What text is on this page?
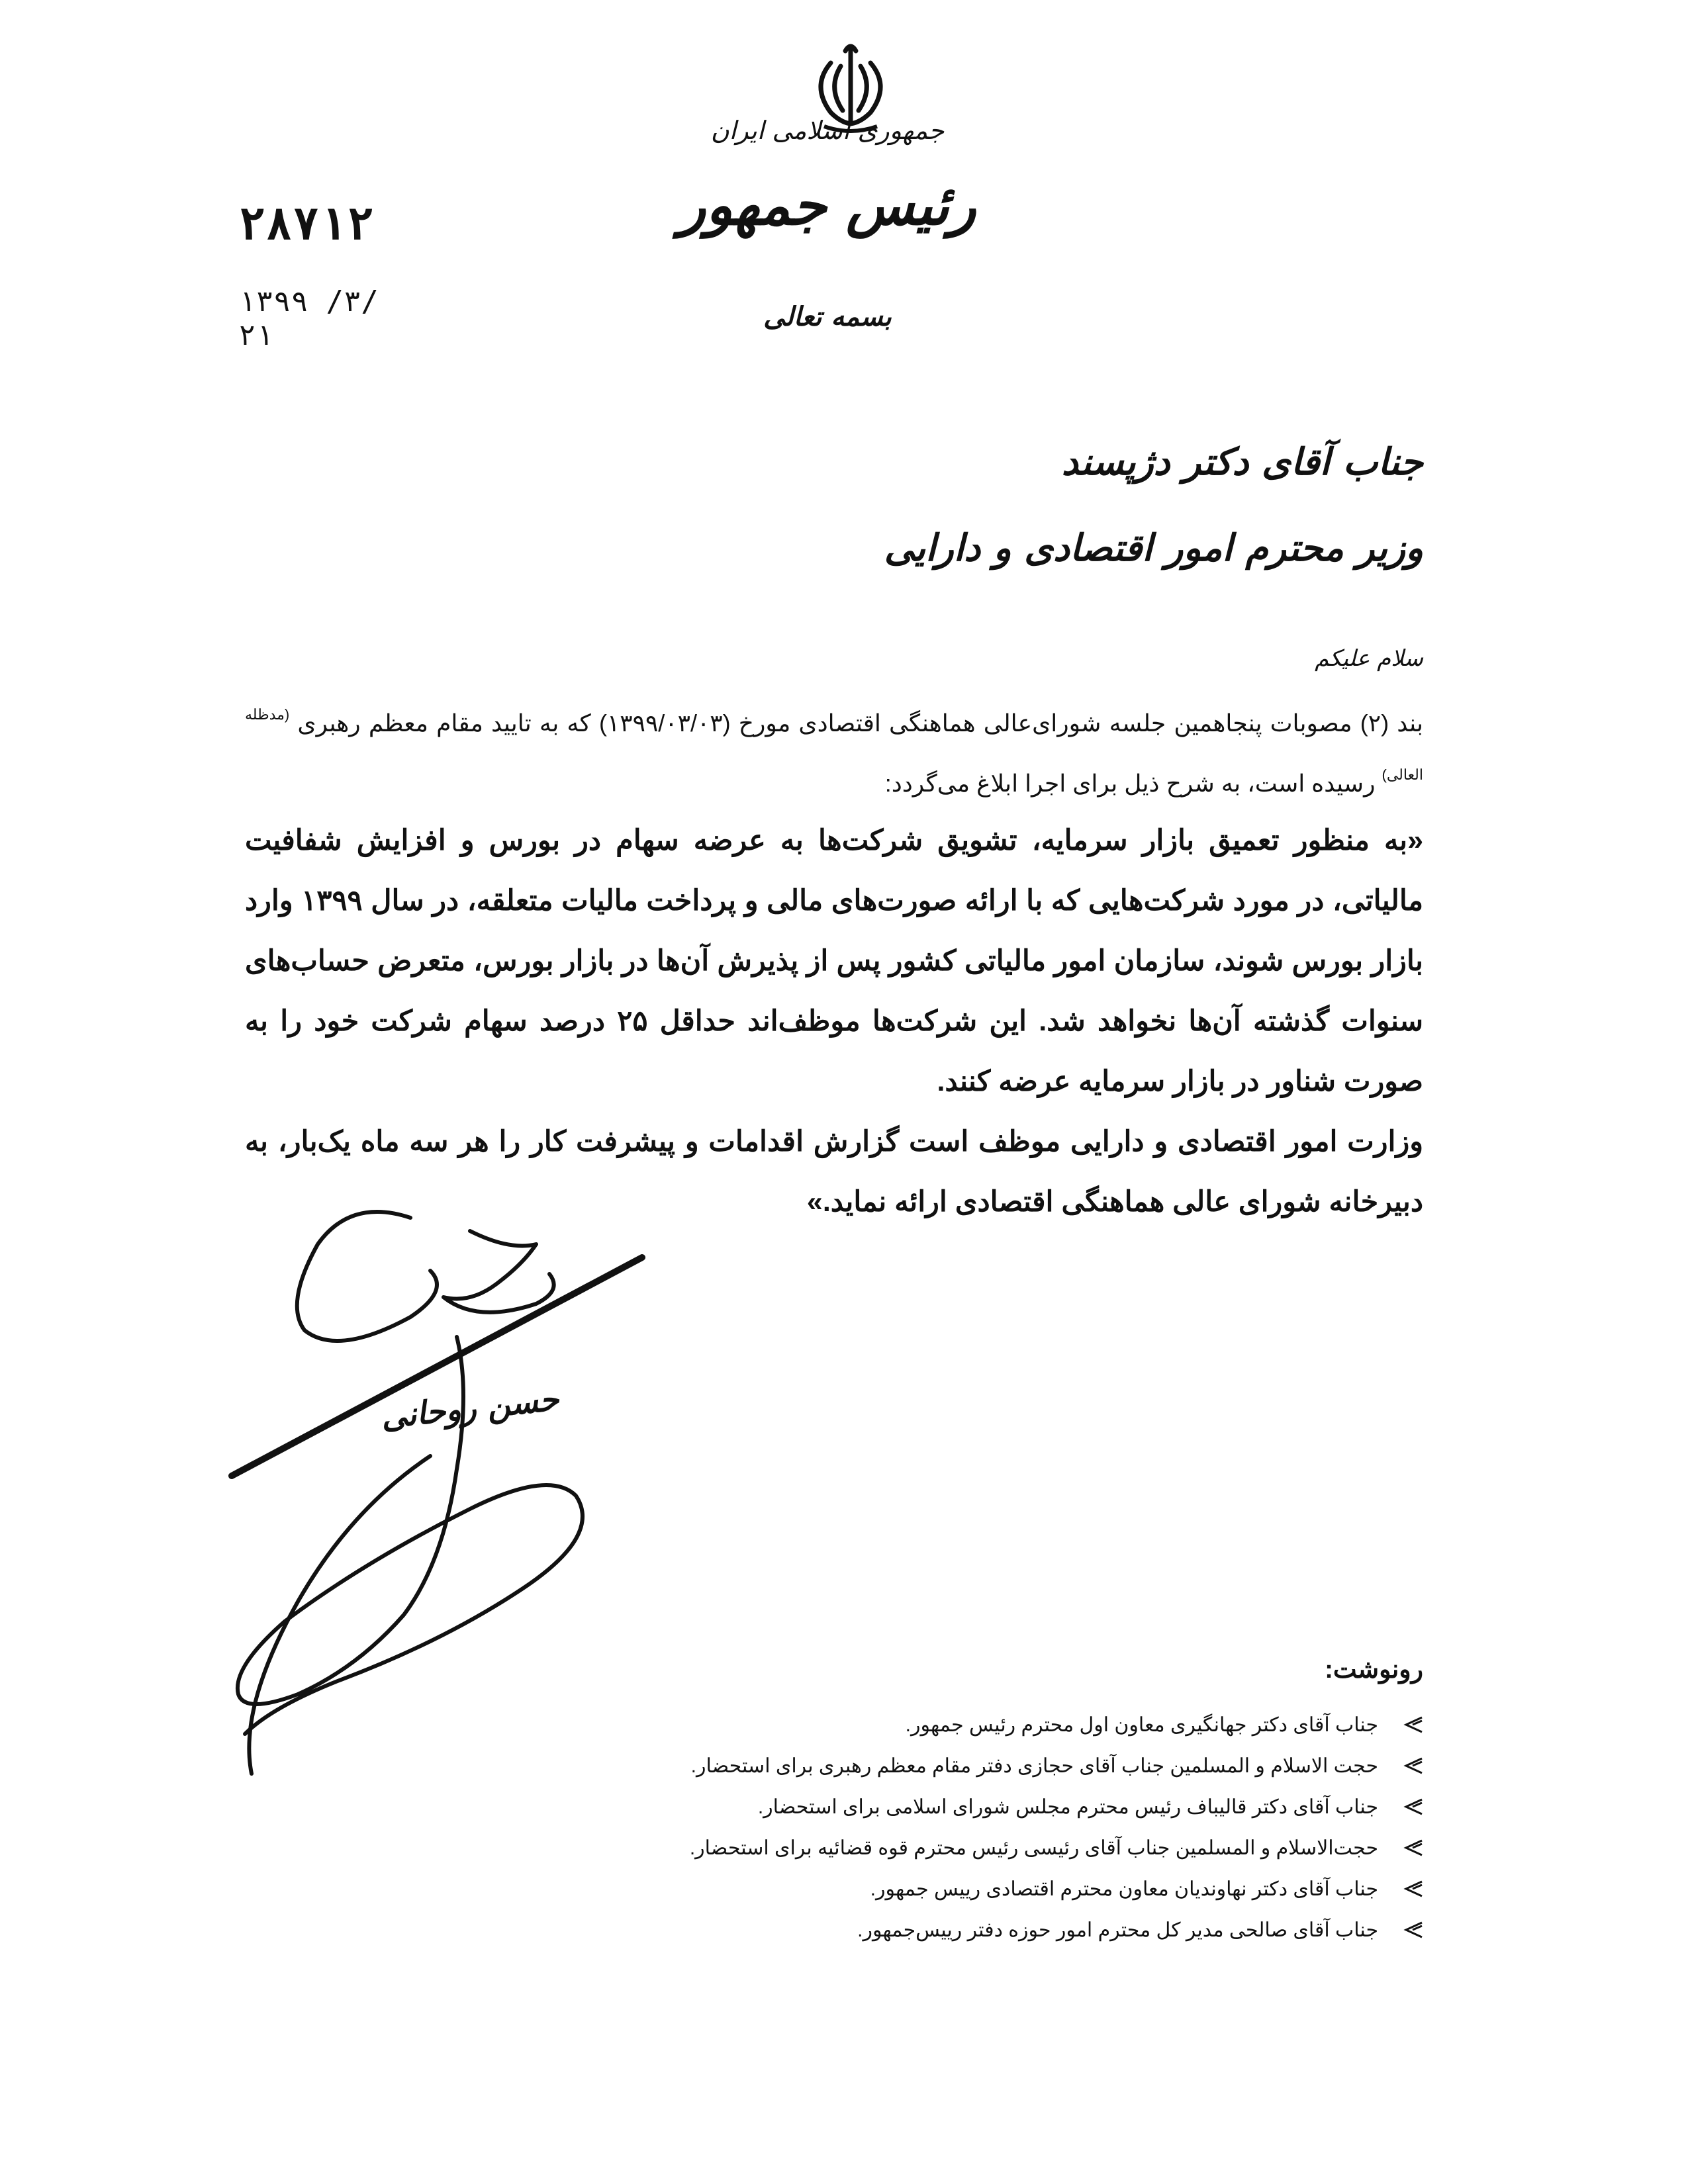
جمهوری اسلامی ایران
رئیس جمهور
بسمه تعالی
۲۸۷۱۲
۱۳۹۹ /۳/ ۲۱
جناب آقای دکتر دژپسند
وزیر محترم امور اقتصادی و دارایی
سلام علیکم
بند (۲) مصوبات پنجاهمین جلسه شورای‌عالی هماهنگی اقتصادی مورخ (۱۳۹۹/۰۳/۰۳) که به تایید مقام معظم رهبری $^{(مدظله العالی)}$ رسیده است، به شرح ذیل برای اجرا ابلاغ می‌گردد:
«به منظور تعمیق بازار سرمایه، تشویق شرکت‌ها به عرضه سهام در بورس و افزایش شفافیت مالیاتی، در مورد شرکت‌هایی که با ارائه صورت‌های مالی و پرداخت مالیات متعلقه، در سال ۱۳۹۹ وارد بازار بورس شوند، سازمان امور مالیاتی کشور پس از پذیرش آن‌ها در بازار بورس، متعرض حساب‌های سنوات گذشته آن‌ها نخواهد شد. این شرکت‌ها موظف‌اند حداقل ۲۵ درصد سهام شرکت خود را به صورت شناور در بازار سرمایه عرضه کنند.
وزارت امور اقتصادی و دارایی موظف است گزارش اقدامات و پیشرفت کار را هر سه ماه یک‌بار، به دبیرخانه شورای عالی هماهنگی اقتصادی ارائه نماید.»
حسن روحانی
رونوشت:
جناب آقای دکتر جهانگیری معاون اول محترم رئیس جمهور.
حجت الاسلام و المسلمین جناب آقای حجازی دفتر مقام معظم رهبری برای استحضار.
جناب آقای دکتر قالیباف رئیس محترم مجلس شورای اسلامی برای استحضار.
حجت‌الاسلام و المسلمین جناب آقای رئیسی رئیس محترم قوه قضائیه برای استحضار.
جناب آقای دکتر نهاوندیان معاون محترم اقتصادی رییس جمهور.
جناب آقای صالحی مدیر کل محترم امور حوزه دفتر رییس‌جمهور.
